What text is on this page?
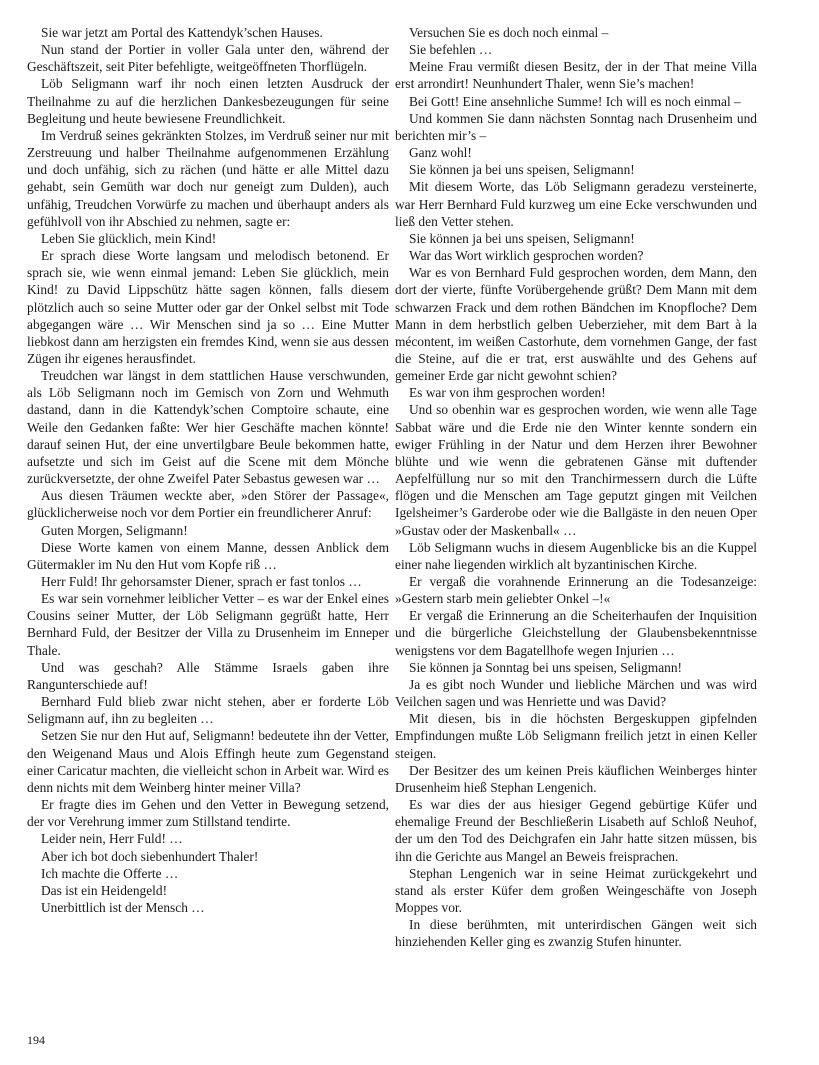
Sie war jetzt am Portal des Kattendyk’schen Hauses.

Nun stand der Portier in voller Gala unter den, während der Geschäftszeit, seit Piter befehligte, weitgeöffneten Thorflügeln.

Löb Seligmann warf ihr noch einen letzten Ausdruck der Theilnahme zu auf die herzlichen Dankesbezeugungen für seine Begleitung und heute bewiesene Freundlichkeit.

Im Verdruß seines gekränkten Stolzes, im Verdruß seiner nur mit Zerstreuung und halber Theilnahme aufgenommenen Erzählung und doch unfähig, sich zu rächen (und hätte er alle Mittel dazu gehabt, sein Gemüth war doch nur geneigt zum Dulden), auch unfähig, Treudchen Vorwürfe zu machen und überhaupt anders als gefühlvoll von ihr Abschied zu nehmen, sagte er:

Leben Sie glücklich, mein Kind!

Er sprach diese Worte langsam und melodisch betonend. Er sprach sie, wie wenn einmal jemand: Leben Sie glücklich, mein Kind! zu David Lippschütz hätte sagen können, falls diesem plötzlich auch so seine Mutter oder gar der Onkel selbst mit Tode abgegangen wäre … Wir Menschen sind ja so … Eine Mutter liebkost dann am herzigsten ein fremdes Kind, wenn sie aus dessen Zügen ihr eigenes herausfindet.

Treudchen war längst in dem stattlichen Hause verschwunden, als Löb Seligmann noch im Gemisch von Zorn und Wehmuth dastand, dann in die Kattendyk’schen Comptoire schaute, eine Weile den Gedanken faßte: Wer hier Geschäfte machen könnte! darauf seinen Hut, der eine unvertilgbare Beule bekommen hatte, aufsetzte und sich im Geist auf die Scene mit dem Mönche zurückversetzte, der ohne Zweifel Pater Sebastus gewesen war …

Aus diesen Träumen weckte aber, »den Störer der Passage«, glücklicherweise noch vor dem Portier ein freundlicherer Anruf:

Guten Morgen, Seligmann!

Diese Worte kamen von einem Manne, dessen Anblick dem Gütermakler im Nu den Hut vom Kopfe riß …

Herr Fuld! Ihr gehorsamster Diener, sprach er fast tonlos …

Es war sein vornehmer leiblicher Vetter – es war der Enkel eines Cousins seiner Mutter, der Löb Seligmann gegrüßt hatte, Herr Bernhard Fuld, der Besitzer der Villa zu Drusenheim im Enneper Thale.

Und was geschah? Alle Stämme Israels gaben ihre Rangunterschiede auf!

Bernhard Fuld blieb zwar nicht stehen, aber er forderte Löb Seligmann auf, ihn zu begleiten …

Setzen Sie nur den Hut auf, Seligmann! bedeutete ihn der Vetter, den Weigenand Maus und Alois Effingh heute zum Gegenstand einer Caricatur machten, die vielleicht schon in Arbeit war. Wird es denn nichts mit dem Weinberg hinter meiner Villa?

Er fragte dies im Gehen und den Vetter in Bewegung setzend, der vor Verehrung immer zum Stillstand tendirte.

Leider nein, Herr Fuld! …

Aber ich bot doch siebenhundert Thaler!

Ich machte die Offerte …

Das ist ein Heidengeld!

Unerbittlich ist der Mensch …

Versuchen Sie es doch noch einmal –

Sie befehlen …

Meine Frau vermißt diesen Besitz, der in der That meine Villa erst arrondirt! Neunhundert Thaler, wenn Sie’s machen!

Bei Gott! Eine ansehnliche Summe! Ich will es noch einmal –

Und kommen Sie dann nächsten Sonntag nach Drusenheim und berichten mir’s –

Ganz wohl!

Sie können ja bei uns speisen, Seligmann!

Mit diesem Worte, das Löb Seligmann geradezu versteinerte, war Herr Bernhard Fuld kurzweg um eine Ecke verschwunden und ließ den Vetter stehen.

Sie können ja bei uns speisen, Seligmann!

War das Wort wirklich gesprochen worden?

War es von Bernhard Fuld gesprochen worden, dem Mann, den dort der vierte, fünfte Vorübergehende grüßt? Dem Mann mit dem schwarzen Frack und dem rothen Bändchen im Knopfloche? Dem Mann in dem herbstlich gelben Ueberzieher, mit dem Bart à la mécontent, im weißen Castorhute, dem vornehmen Gange, der fast die Steine, auf die er trat, erst auswählte und des Gehens auf gemeiner Erde gar nicht gewohnt schien?

Es war von ihm gesprochen worden!

Und so obenhin war es gesprochen worden, wie wenn alle Tage Sabbat wäre und die Erde nie den Winter kennte sondern ein ewiger Frühling in der Natur und dem Herzen ihrer Bewohner blühte und wie wenn die gebratenen Gänse mit duftender Aepfelfüllung nur so mit den Tranchirmessern durch die Lüfte flögen und die Menschen am Tage geputzt gingen mit Veilchen Igelsheimer’s Garderobe oder wie die Ballgäste in den neuen Oper »Gustav oder der Maskenball« …

Löb Seligmann wuchs in diesem Augenblicke bis an die Kuppel einer nahe liegenden wirklich alt byzantinischen Kirche.

Er vergaß die vorahnende Erinnerung an die Todesanzeige: »Gestern starb mein geliebter Onkel –!«

Er vergaß die Erinnerung an die Scheiterhaufen der Inquisition und die bürgerliche Gleichstellung der Glaubensbekenntnisse wenigstens vor dem Bagatellhofe wegen Injurien …

Sie können ja Sonntag bei uns speisen, Seligmann!

Ja es gibt noch Wunder und liebliche Märchen und was wird Veilchen sagen und was Henriette und was David?

Mit diesen, bis in die höchsten Bergeskuppen gipfelnden Empfindungen mußte Löb Seligmann freilich jetzt in einen Keller steigen.

Der Besitzer des um keinen Preis käuflichen Weinberges hinter Drusenheim hieß Stephan Lengenich.

Es war dies der aus hiesiger Gegend gebürtige Küfer und ehemalige Freund der Beschließerin Lisabeth auf Schloß Neuhof, der um den Tod des Deichgrafen ein Jahr hatte sitzen müssen, bis ihn die Gerichte aus Mangel an Beweis freisprachen.

Stephan Lengenich war in seine Heimat zurückgekehrt und stand als erster Küfer dem großen Weingeschäfte von Joseph Moppes vor.

In diese berühmten, mit unterirdischen Gängen weit sich hinziehenden Keller ging es zwanzig Stufen hinunter.

194
